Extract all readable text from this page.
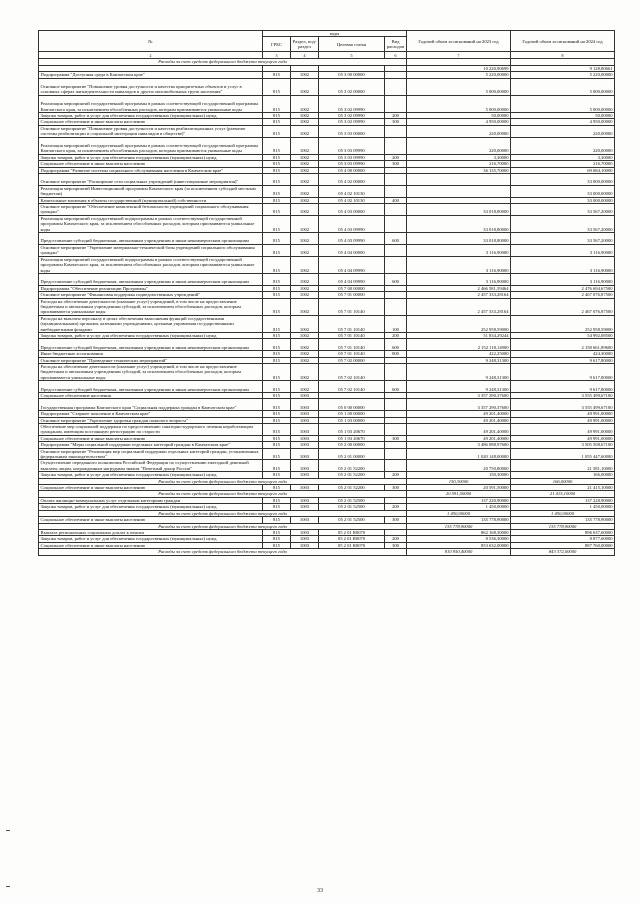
№	коды				Годовой объем ассигнований на 2023 год	Годовой объем ассигнований на 2024 год
	ГРБС	Раздел, под-раздел	Целевая статья	Вид расходов		
2	3	4	5	6	7	8
Расходы за счет средств федерального бюджета текущего года						
					10 220,90699	9 128,80661
Подпрограмма "Доступная среда в Камчатском крае"	815	1002	05 3 00 00000		5 220,00000	5 220,00000
Основное мероприятие "Повышение уровня доступности и качества приоритетных объектов и услуг в основных сферах жизнедеятельности инвалидов и других маломобильных групп населения"	815	1002	05 3 02 00000		5 000,00000	5 000,00000
Реализация мероприятий государственной программы в рамках соответствующей государственной программы Камчатского края, за исключением обособленных расходов, которым присваиваются уникальные коды	815	1002	05 3 02 09990		5 000,00000	5 000,00000
Закупка товаров, работ и услуг для обеспечения государственных (муниципальных) нужд	815	1002	05 3 02 09990	200	50,00000	50,00000
Социальное обеспечение и иные выплаты населению	815	1002	05 3 02 09990	300	4 950,00000	4 950,00000
Основное мероприятие "Повышение уровня доступности и качества реабилитационных услуг (развитие системы реабилитации и социальной интеграции инвалидов в обществе)"	815	1002	05 3 03 00000		220,00000	220,00000
Реализация мероприятий государственной программы в рамках соответствующей государственной программы Камчатского края, за исключением обособленных расходов, которым присваиваются уникальные коды	815	1002	05 3 03 09990		220,00000	220,00000
Закупка товаров, работ и услуг для обеспечения государственных (муниципальных) нужд	815	1002	05 3 03 09990	200	3,30000	3,30000
Социальное обеспечение и иные выплаты населению	815	1002	05 3 03 09990	300	216,70000	216,70000
Подпрограмма "Развитие системы социального обслуживания населения в Камчатском крае"	815	1002	05 4 00 00000		36 135,70000	69 684,10000
Основное мероприятие "Расширение сети социальных учреждений (инвестиционные мероприятия)"	815	1002	05 4 02 00000			33 000,00000
Реализация мероприятий Инвестиционной программы Камчатского края (за исключением субсидий местным бюджетам)	815	1002	05 4 02 10130			33 000,00000
Капитальные вложения в объекты государственной (муниципальной) собственности	815	1002	05 4 02 10130	400		33 000,00000
Основное мероприятие "Обеспечение комплексной безопасности учреждений социального обслуживания граждан"	815	1002	05 4 03 00000		33 018,80000	33 567,20000
Реализация мероприятий государственной подпрограммы в рамках соответствующей государственной программы Камчатского края, за исключением обособленных расходов, которым присваиваются уникальные коды	815	1002	05 4 03 09990		33 018,80000	33 567,20000
Предоставление субсидий бюджетным, автономным учреждениям и иным некоммерческим организациям	815	1002	05 4 03 09990	600	33 018,80000	33 567,20000
Основное мероприятие "Укрепление материально-технической базы учреждений социального обслуживания граждан"	815	1002	05 4 04 00000		3 116,90000	3 116,90000
Реализация мероприятий государственной подпрограммы в рамках соответствующей государственной программы Камчатского края, за исключением обособленных расходов, которым присваиваются уникальные коды	815	1002	05 4 04 09990		3 116,90000	3 116,90000
Предоставление субсидий бюджетным, автономным учреждениям и иным некоммерческим организациям	815	1002	05 4 04 09990	600	3 116,90000	3 116,90000
Подпрограмма "Обеспечение реализации Программы"	815	1002	05 7 00 00000		2 466 581,59464	2 476 694,67500
Основное мероприятие "Финансовая поддержка подведомственных учреждений"	815	1002	05 7 01 00000		2 457 333,28164	2 467 076,87500
Расходы на обеспечение деятельности (оказание услуг) учреждений, в том числе на предоставление бюджетным и автономным учреждениям субсидий, за исключением обособленных расходов, которым присваиваются уникальные коды	815	1002	05 7 01 10140		2 457 333,28164	2 467 076,87500
Расходы на выплаты персоналу в целях обеспечения выполнения функций государственными (муниципальными) органами, казенными учреждениями, органами управления государственными внебюджетными фондами	815	1002	05 7 01 10140	100	252 958,59000	252 958,59000
Закупка товаров, работ и услуг для обеспечения государственных (муниципальных) нужд	815	1002	05 7 01 10140	200	51 834,29244	54 992,08500
Предоставление субсидий бюджетным, автономным учреждениям и иным некоммерческим организациям	815	1002	05 7 01 10140	600	2 152 118,14900	2 158 661,89600
Иные бюджетные ассигнования	815	1002	05 7 01 10140	800	422,25000	424,30000
Основное мероприятие "Проведение технических мероприятий"	815	1002	05 7 02 00000		9 248,31300	9 617,80000
Расходы на обеспечение деятельности (оказание услуг) учреждений, в том числе на предоставление бюджетным и автономным учреждениям субсидий, за исключением обособленных расходов, которым присваиваются уникальные коды	815	1002	05 7 02 10140		9 248,31300	9 617,80000
Предоставление субсидий бюджетным, автономным учреждениям и иным некоммерческим организациям	815	1002	05 7 02 10140	600	9 248,31300	9 617,80000
Социальное обеспечение населения	815	1003			3 357 290,37600	3 555 499,67100
Государственная программа Камчатского края "Социальная поддержка граждан в Камчатском крае"	815	1003	05 0 00 00000		3 357 290,37600	3 555 499,67100
Подпрограмма "Старшее поколение в Камчатском крае"	815	1003	05 1 00 00000		49 201,40000	49 991,00000
Основное мероприятие "Укрепление здоровья граждан пожилого возраста"	815	1003	05 1 03 00000		49 201,40000	49 991,00000
Обеспечение мер социальной поддержки по предоставлению санаторно-курортного лечения неработающим гражданам, имеющим постоянную регистрацию по старости	815	1003	05 1 03 20670		49 201,40000	49 991,00000
Социальное обеспечение и иные выплаты населению	815	1003	05 1 03 20670	300	49 201,40000	49 991,00000
Подпрограмма "Меры социальной поддержки отдельных категорий граждан в Камчатском крае"	815	1003	05 2 00 00000		3 486 088,97600	3 505 508,67100
Основное мероприятие "Реализация мер социальной поддержки отдельных категорий граждан, установленных федеральным законодательством"	815	1003	05 2 01 00000		1 020 148,00000	1 055 447,60000
Осуществление переданного полномочия Российской Федерации по осуществлению ежегодной денежной выплаты лицам, награжденным нагрудным знаком "Почетный донор России"	815	1003	05 2 01 52200		20 750,80000	21 581,10000
Закупка товаров, работ и услуг для обеспечения государственных (муниципальных) нужд	815	1003	05 2 01 52200	200	150,30000	166,00000
Расходы за счет средств федерального бюджета текущего года					150,30000	166,00000
Социальное обеспечение и иные выплаты населению	815	1003	05 2 01 52200	300	20 591,50000	21 415,10000
Расходы за счет средств федерального бюджета текущего года					20 591,50000	21 415,10000
Оплата жилищно-коммунальных услуг отдельным категориям граждан	815	1003	05 2 01 52500		137 220,90000	137 228,90000
Закупка товаров, работ и услуг для обеспечения государственных (муниципальных) нужд	815	1003	05 2 01 52500	200	1 450,00000	1 450,00000
Расходы за счет средств федерального бюджета текущего года					1 450,00000	1 450,00000
Социальное обеспечение и иные выплаты населению	815	1003	05 2 01 52500	300	135 778,90000	135 778,90000
Расходы за счет средств федерального бюджета текущего года					135 778,90000	135 778,90000
Выплата региональных социальных доплат к пенсии	815	1003	05 2 01 R0070		862 168,30000	896 637,60000
Закупка товаров, работ и услуг для обеспечения государственных (муниципальных) нужд	815	1003	05 2 01 R0070	200	8 536,30000	8 877,60000
Социальное обеспечение и иные выплаты населению	815	1003	05 2 01 R0070	300	853 632,00000	887 760,00000
Расходы за счет средств федерального бюджета текущего года					810 950,40000	843 372,00000
33
